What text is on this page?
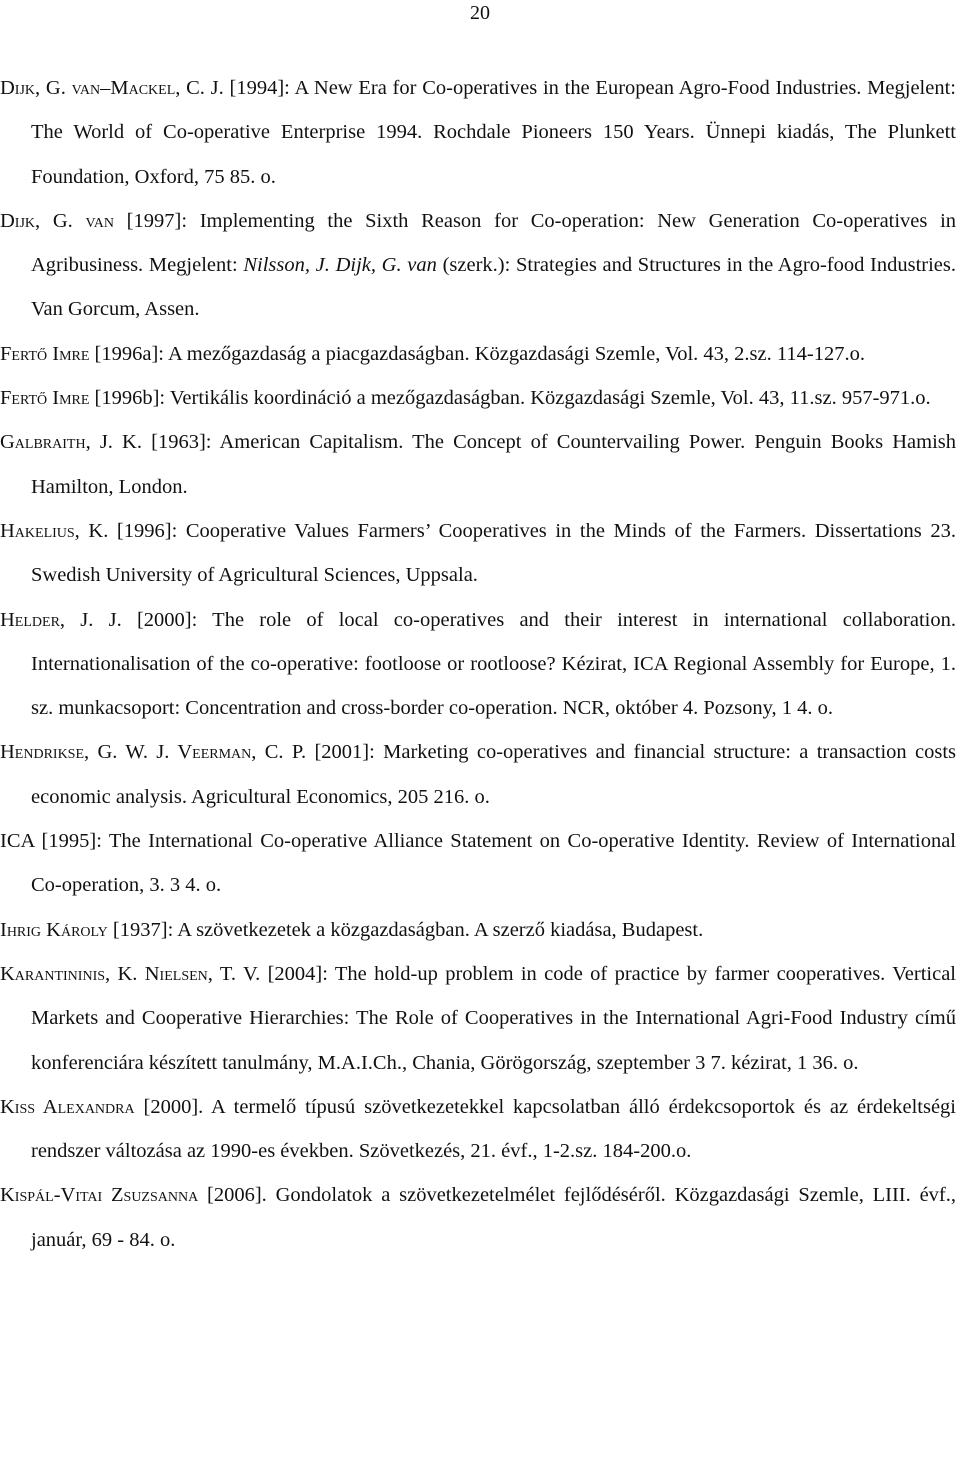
20
Dijk, G. van–Mackel, C. J. [1994]: A New Era for Co-operatives in the European Agro-Food Industries. Megjelent: The World of Co-operative Enterprise 1994. Rochdale Pioneers 150 Years. Ünnepi kiadás, The Plunkett Foundation, Oxford, 75 85. o.
Dijk, G. van [1997]: Implementing the Sixth Reason for Co-operation: New Generation Co-operatives in Agribusiness. Megjelent: Nilsson, J. Dijk, G. van (szerk.): Strategies and Structures in the Agro-food Industries. Van Gorcum, Assen.
Fertő Imre [1996a]: A mezőgazdaság a piacgazdaságban. Közgazdasági Szemle, Vol. 43, 2.sz. 114-127.o.
Fertő Imre [1996b]: Vertikális koordináció a mezőgazdaságban. Közgazdasági Szemle, Vol. 43, 11.sz. 957-971.o.
Galbraith, J. K. [1963]: American Capitalism. The Concept of Countervailing Power. Penguin Books Hamish Hamilton, London.
Hakelius, K. [1996]: Cooperative Values Farmers’ Cooperatives in the Minds of the Farmers. Dissertations 23. Swedish University of Agricultural Sciences, Uppsala.
Helder, J. J. [2000]: The role of local co-operatives and their interest in international collaboration. Internationalisation of the co-operative: footloose or rootloose? Kézirat, ICA Regional Assembly for Europe, 1. sz. munkacsoport: Concentration and cross-border co-operation. NCR, október 4. Pozsony, 1 4. o.
Hendrikse, G. W. J. Veerman, C. P. [2001]: Marketing co-operatives and financial structure: a transaction costs economic analysis. Agricultural Economics, 205 216. o.
ICA [1995]: The International Co-operative Alliance Statement on Co-operative Identity. Review of International Co-operation, 3. 3 4. o.
Ihrig Károly [1937]: A szövetkezetek a közgazdaságban. A szerző kiadása, Budapest.
Karantininis, K. Nielsen, T. V. [2004]: The hold-up problem in code of practice by farmer cooperatives. Vertical Markets and Cooperative Hierarchies: The Role of Cooperatives in the International Agri-Food Industry című konferenciára készített tanulmány, M.A.I.Ch., Chania, Görögország, szeptember 3 7. kézirat, 1 36. o.
Kiss Alexandra [2000]. A termelő típusú szövetkezetekkel kapcsolatban álló érdekcsoportok és az érdekeltségi rendszer változása az 1990-es években. Szövetkezés, 21. évf., 1-2.sz. 184-200.o.
Kispál-Vitai Zsuzsanna [2006]. Gondolatok a szövetkezetelmélet fejlődéséről. Közgazdasági Szemle, LIII. évf., január, 69 - 84. o.
